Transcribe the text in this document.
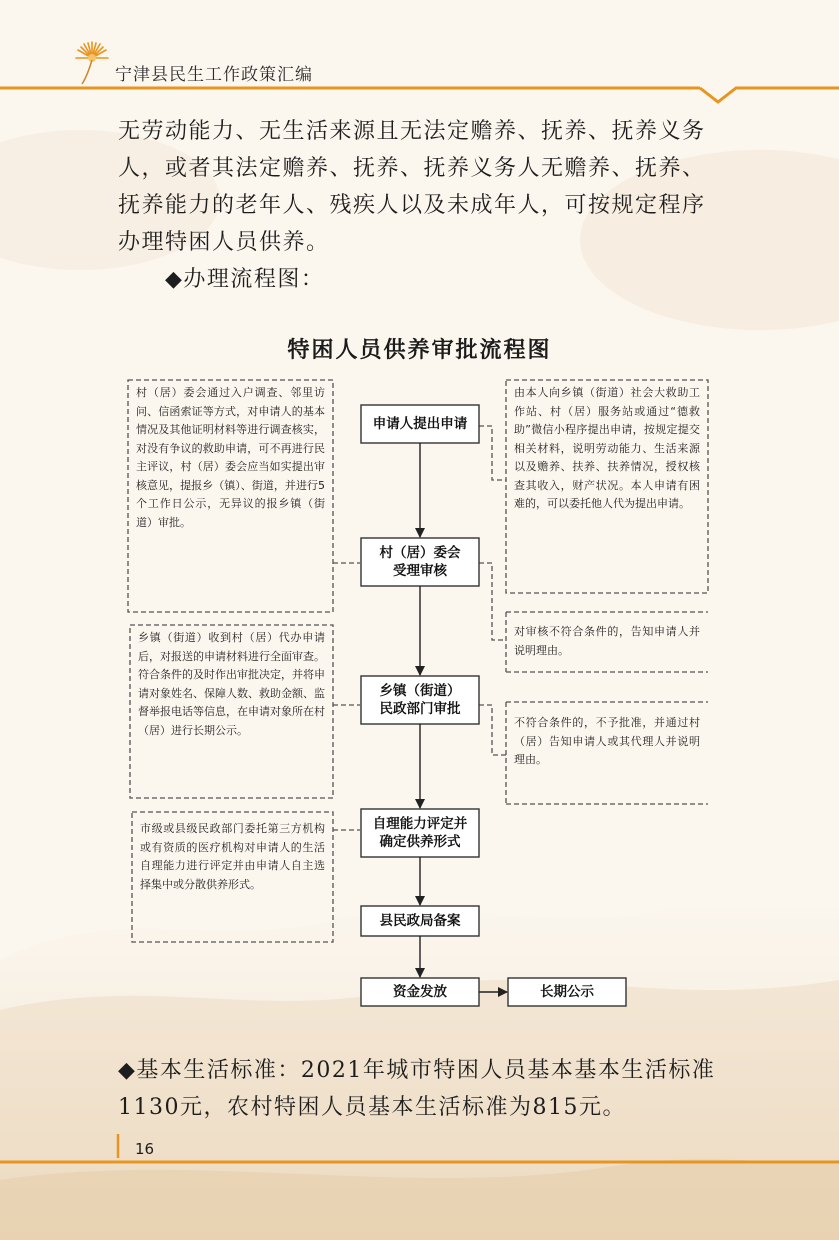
宁津县民生工作政策汇编

无劳动能力、无生活来源且无法定赡养、抚养、抚养义务人，或者其法定赡养、抚养、抚养义务人无赡养、抚养、抚养能力的老年人、残疾人以及未成年人，可按规定程序办理特困人员供养。

◆办理流程图：

特困人员供养审批流程图
申请人提出申请
村（居）委会
受理审核
乡镇（街道）
民政部门审批
自理能力评定并
确定供养形式
县民政局备案
资金发放	长期公示
村（居）委会通过入户调查、邻里访问、信函索证等方式，对申请人的基本情况及其他证明材料等进行调查核实，对没有争议的救助申请，可不再进行民主评议，村（居）委会应当如实提出审核意见，提报乡（镇）、街道，并进行5个工作日公示，无异议的报乡镇（街道）审批。
由本人向乡镇（街道）社会大救助工作站、村（居）服务站或通过“德救助”微信小程序提出申请，按规定提交相关材料，说明劳动能力、生活来源以及赡养、扶养、扶养情况，授权核查其收入，财产状况。本人申请有困难的，可以委托他人代为提出申请。
对审核不符合条件的，告知申请人并说明理由。
乡镇（街道）收到村（居）代办申请后，对报送的申请材料进行全面审查。符合条件的及时作出审批决定，并将申请对象姓名、保障人数、救助金额、监督举报电话等信息，在申请对象所在村（居）进行长期公示。
不符合条件的，不予批准，并通过村（居）告知申请人或其代理人并说明理由。
市级或县级民政部门委托第三方机构或有资质的医疗机构对申请人的生活自理能力进行评定并由申请人自主选择集中或分散供养形式。

◆基本生活标准：2021年城市特困人员基本基本生活标准1130元，农村特困人员基本生活标准为815元。

16
